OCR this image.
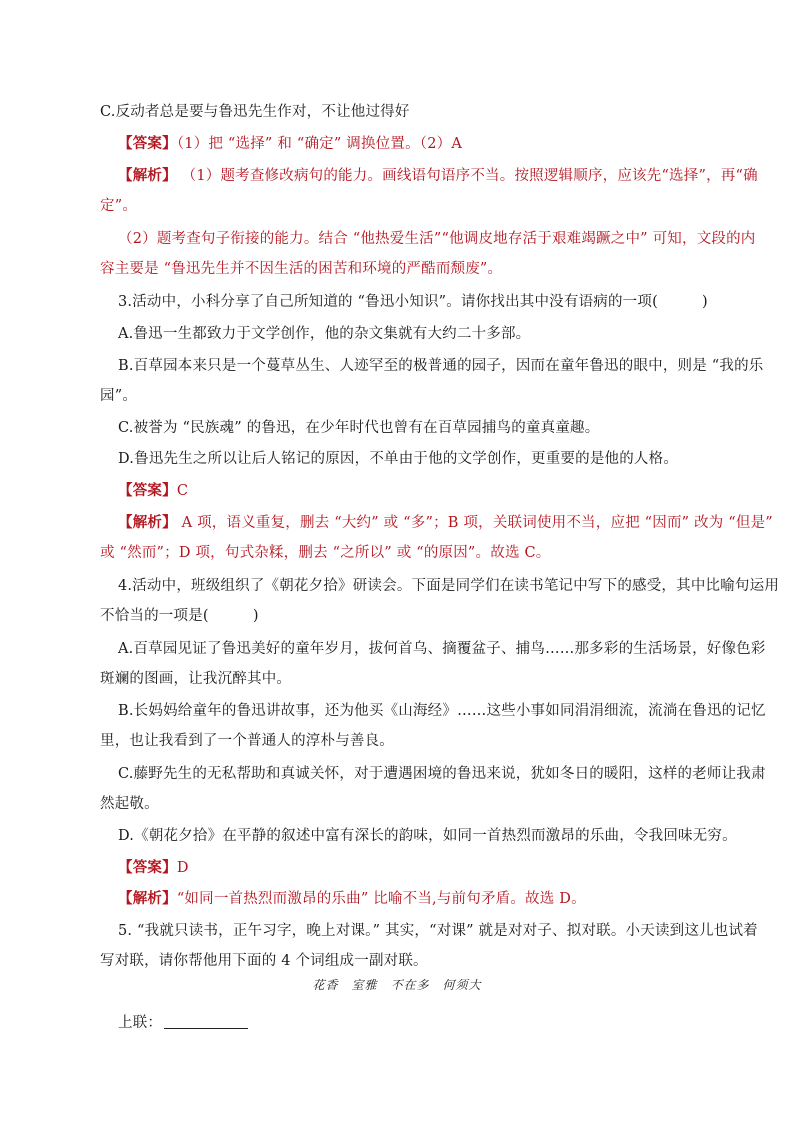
C.反动者总是要与鲁迅先生作对，不让他过得好
【答案】（1）把 “选择” 和 “确定” 调换位置。（2）A
【解析】 （1）题考查修改病句的能力。画线语句语序不当。按照逻辑顺序，应该先“选择”，再“确
定”。
（2）题考查句子衔接的能力。结合 “他热爱生活”“他调皮地存活于艰难竭蹶之中” 可知，文段的内
容主要是 “鲁迅先生并不因生活的困苦和环境的严酷而颓废”。
3.活动中，小科分享了自己所知道的 “鲁迅小知识”。请你找出其中没有语病的一项(　　　)
A.鲁迅一生都致力于文学创作，他的杂文集就有大约二十多部。
B.百草园本来只是一个蔓草丛生、人迹罕至的极普通的园子，因而在童年鲁迅的眼中，则是 “我的乐
园”。
C.被誉为 “民族魂” 的鲁迅，在少年时代也曾有在百草园捕鸟的童真童趣。
D.鲁迅先生之所以让后人铭记的原因，不单由于他的文学创作，更重要的是他的人格。
【答案】C
【解析】 A 项，语义重复，删去 “大约” 或 “多”；B 项，关联词使用不当，应把 “因而” 改为 “但是”
或 “然而”；D 项，句式杂糅，删去 “之所以” 或 “的原因”。故选 C。
4.活动中，班级组织了《朝花夕拾》研读会。下面是同学们在读书笔记中写下的感受，其中比喻句运用
不恰当的一项是(　　　)
A.百草园见证了鲁迅美好的童年岁月，拔何首乌、摘覆盆子、捕鸟……那多彩的生活场景，好像色彩
斑斓的图画，让我沉醉其中。
B.长妈妈给童年的鲁迅讲故事，还为他买《山海经》……这些小事如同涓涓细流，流淌在鲁迅的记忆
里，也让我看到了一个普通人的淳朴与善良。
C.藤野先生的无私帮助和真诚关怀，对于遭遇困境的鲁迅来说，犹如冬日的暖阳，这样的老师让我肃
然起敬。
D.《朝花夕拾》在平静的叙述中富有深长的韵味，如同一首热烈而激昂的乐曲，令我回味无穷。
【答案】D
【解析】“如同一首热烈而激昂的乐曲” 比喻不当,与前句矛盾。故选 D。
5. “我就只读书，正午习字，晚上对课。” 其实，“对课” 就是对对子、拟对联。小天读到这儿也试着
写对联，请你帮他用下面的 4 个词组成一副对联。
花香　室雅　不在多　何须大
上联：
